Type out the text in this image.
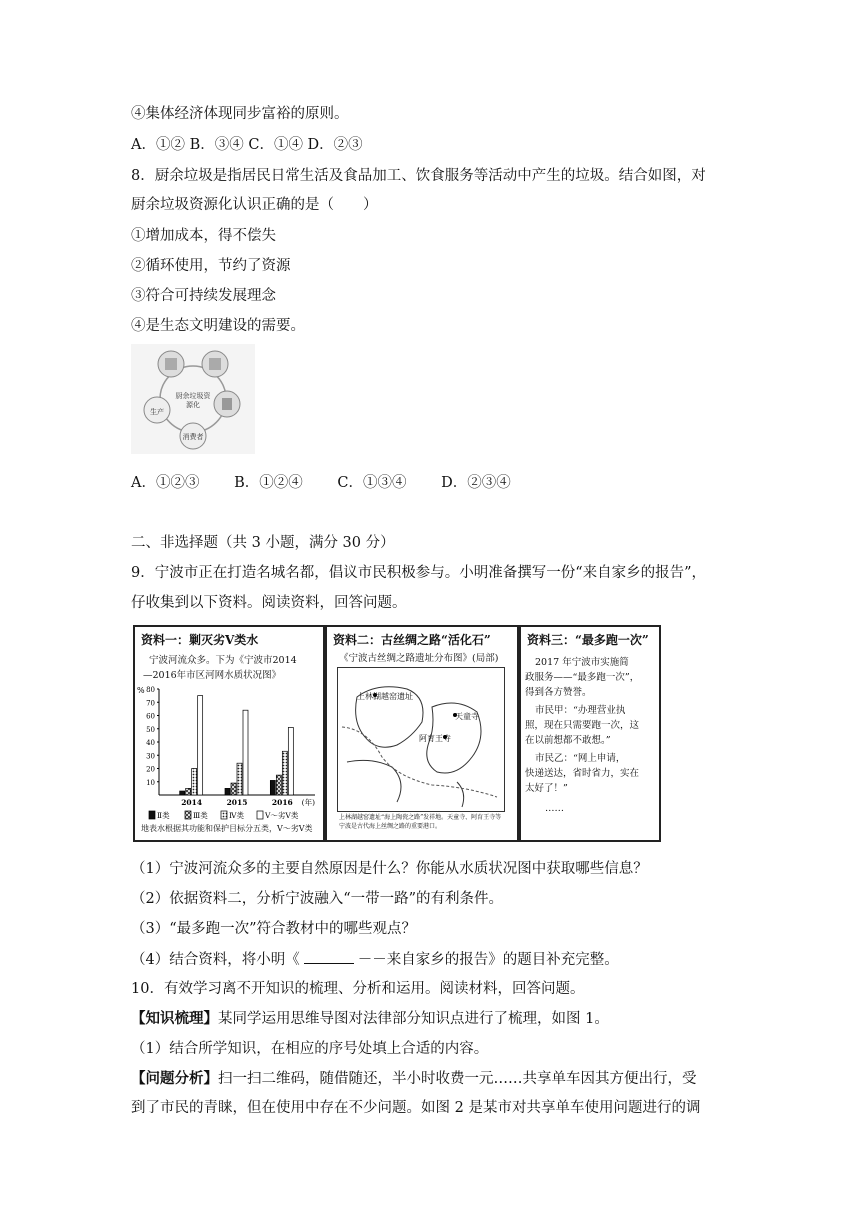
④集体经济体现同步富裕的原则。
A．①② B．③④ C．①④ D．②③
8．厨余垃圾是指居民日常生活及食品加工、饮食服务等活动中产生的垃圾。结合如图，对
厨余垃圾资源化认识正确的是（　　）
①增加成本，得不偿失
②循环使用，节约了资源
③符合可持续发展理念
④是生态文明建设的需要。
厨余垃圾资源化
消费者
生产
A．①②③ B．①②④ C．①③④ D．②③④
二、非选择题（共 3 小题，满分 30 分）
9．宁波市正在打造名城名都，倡议市民积极参与。小明准备撰写一份“来自家乡的报告”，
仔收集到以下资料。阅读资料，回答问题。
资料一：剿灭劣Ⅴ类水
宁波河流众多。下为《宁波市2014
—2016年市区河网水质状况图》
%
10
20
30
40
50
60
70
80
2014	2015	2016 (年)
Ⅱ类	Ⅲ类	Ⅳ类	Ⅴ～劣Ⅴ类
地表水根据其功能和保护目标分五类，Ⅴ～劣Ⅴ类
资料二：古丝绸之路“活化石”
《宁波古丝绸之路遗址分布图》(局部)
上林湖越窑遗址
天童寺
阿育王寺
上林湖越窑遗址“海上陶瓷之路”发祥地。天童寺、阿育王寺等
宁波是古代海上丝绸之路的重要港口。
资料三：“最多跑一次”
2017 年宁波市实施简
政服务——“最多跑一次”，
得到各方赞誉。
市民甲：“办理营业执
照，现在只需要跑一次，这
在以前想都不敢想。”
市民乙：“网上申请，
快递送达，省时省力，实在
太好了！”
……
（1）宁波河流众多的主要自然原因是什么？你能从水质状况图中获取哪些信息？
（2）依据资料二，分析宁波融入“一带一路”的有利条件。
（3）“最多跑一次”符合教材中的哪些观点？
（4）结合资料，将小明《	－－来自家乡的报告》的题目补充完整。
10．有效学习离不开知识的梳理、分析和运用。阅读材料，回答问题。
【知识梳理】某同学运用思维导图对法律部分知识点进行了梳理，如图 1。
（1）结合所学知识，在相应的序号处填上合适的内容。
【问题分析】扫一扫二维码，随借随还，半小时收费一元……共享单车因其方便出行，受
到了市民的青睐，但在使用中存在不少问题。如图 2 是某市对共享单车使用问题进行的调
